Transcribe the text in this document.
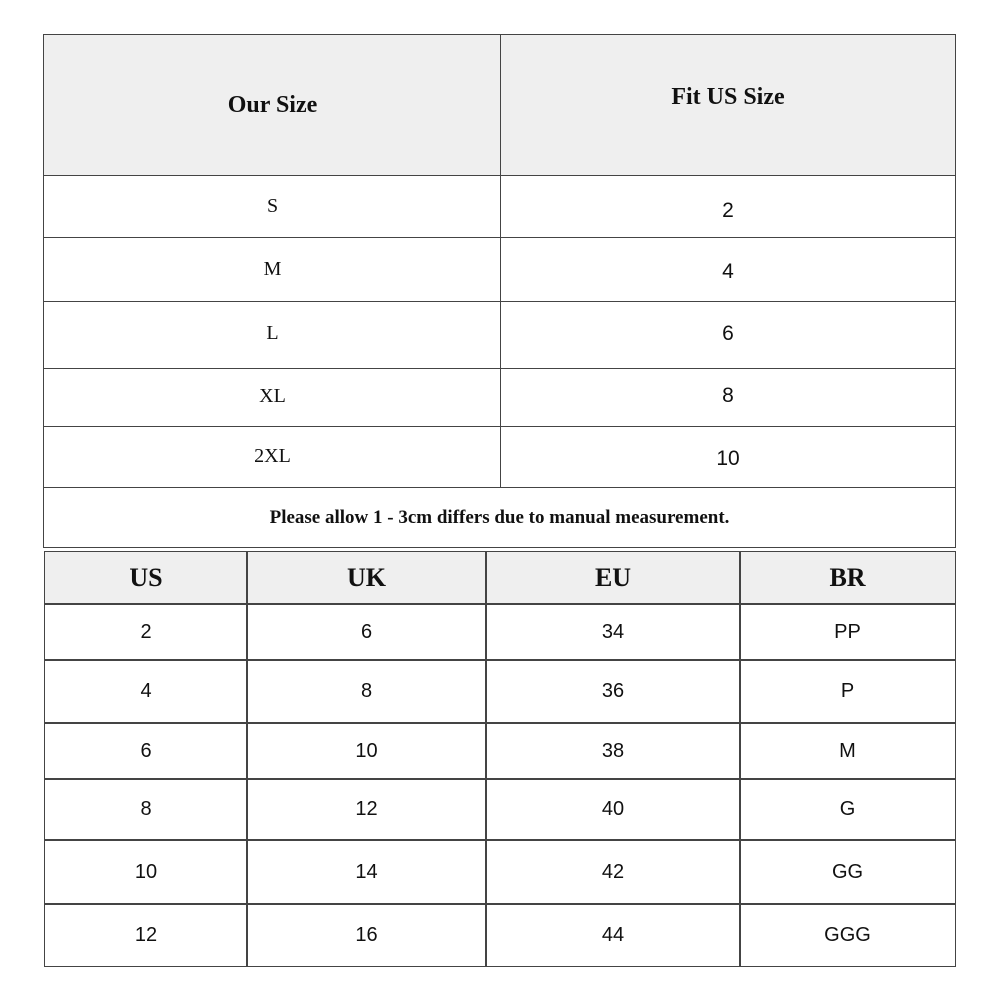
Our Size	Fit US Size
S	2
M	4
L	6
XL	8
2XL	10
Please allow 1 - 3cm differs due to manual measurement.
US	UK	EU	BR
2	6	34	PP
4	8	36	P
6	10	38	M
8	12	40	G
10	14	42	GG
12	16	44	GGG
